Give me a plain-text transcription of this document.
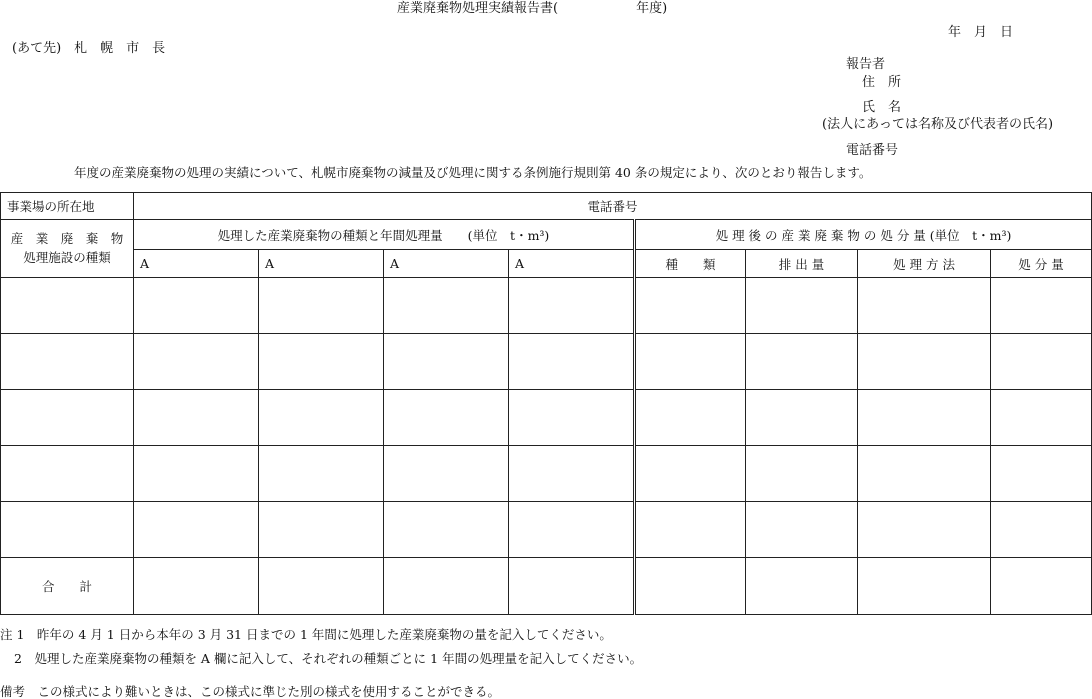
産業廃棄物処理実績報告書(　　　　　　年度)
年　月　日
(あて先)　札　幌　市　長
報告者
住　所
氏　名
(法人にあっては名称及び代表者の氏名)
電話番号
年度の産業廃棄物の処理の実績について、札幌市廃棄物の減量及び処理に関する条例施行規則第 40 条の規定により、次のとおり報告します。
事業場の所在地	電話番号							
産　業　廃　棄　物
処理施設の種類	処理した産業廃棄物の種類と年間処理量　　(単位　t・m³)				処 理 後 の 産 業 廃 棄 物 の 処 分 量 (単位　t・m³)			
	A	A	A	A	種　　類	排 出 量	処 理 方 法	処 分 量

合　　計								
注 1　昨年の 4 月 1 日から本年の 3 月 31 日までの 1 年間に処理した産業廃棄物の量を記入してください。
2　処理した産業廃棄物の種類を A 欄に記入して、それぞれの種類ごとに 1 年間の処理量を記入してください。
備考　この様式により難いときは、この様式に準じた別の様式を使用することができる。
